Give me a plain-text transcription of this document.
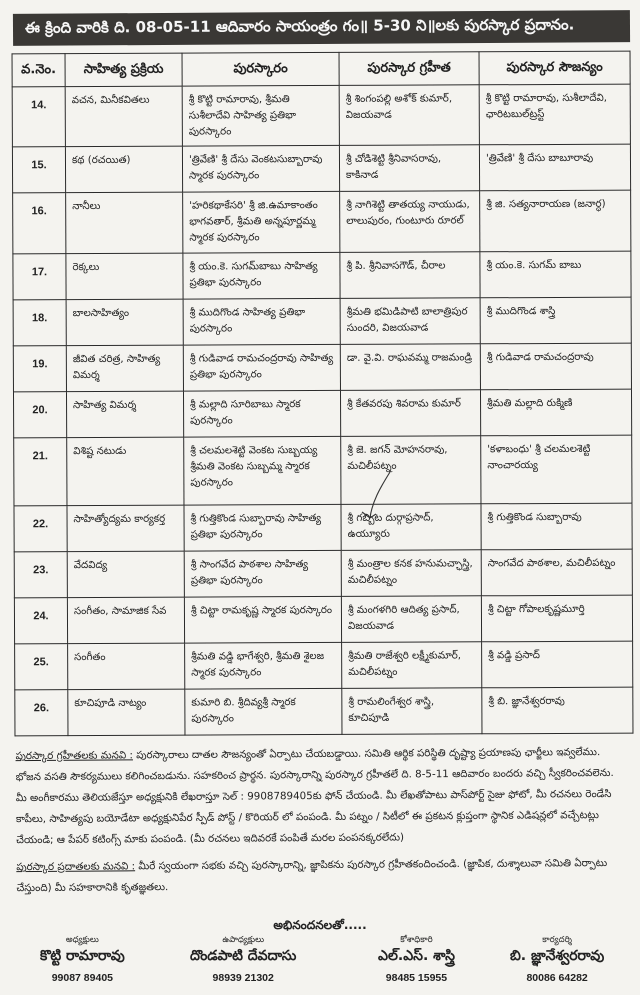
ఈ క్రింది వారికి ది. 08-05-11 ఆదివారం సాయంత్రం గం॥ 5-30 ని॥లకు పురస్కార ప్రదానం.
వ.నెం.	సాహిత్య ప్రక్రియ	పురస్కారం	పురస్కార గ్రహీత	పురస్కార సౌజన్యం
14.	వచన, మినీకవితలు	శ్రీ కొట్టి రామారావు, శ్రీమతి సుశీలాదేవి సాహిత్య ప్రతిభా పురస్కారం	శ్రీ శింగంపల్లి అశోక్ కుమార్, విజయవాడ	శ్రీ కొట్టి రామారావు, సుశీలాదేవి, ఛారిటబుల్‌ట్రస్ట్
15.	కథ (రచయిత)	'త్రివేణి' శ్రీ దేసు వెంకటసుబ్బారావు స్మారక పురస్కారం	శ్రీ చోడిశెట్టి శ్రీనివాసరావు, కాకినాడ	'త్రివేణి' శ్రీ దేసు బాబూరావు
16.	నానీలు	'హరికథాకేసరి' శ్రీ జి.ఉమాకాంతం భాగవతార్, శ్రీమతి అన్నపూర్ణమ్మ స్మారక పురస్కారం	శ్రీ నాగిశెట్టి తాతయ్య నాయుడు, లాలుపురం, గుంటూరు రూరల్	శ్రీ జి. సత్యనారాయణ (జనార్ధ)
17.	రెక్కలు	శ్రీ యం.కె. సుగమ్‌బాబు సాహిత్య ప్రతిభా పురస్కారం	శ్రీ పి. శ్రీనివాసగౌడ్, చీరాల	శ్రీ యం.కె. సుగమ్ బాబు
18.	బాలసాహిత్యం	శ్రీ ముదిగొండ సాహిత్య ప్రతిభా పురస్కారం	శ్రీమతి భమిడిపాటి బాలాత్రిపుర సుందరి, విజయవాడ	శ్రీ ముదిగొండ శాస్త్రి
19.	జీవిత చరిత్ర, సాహిత్య విమర్శ	శ్రీ గుడివాడ రామచంద్రరావు సాహిత్య ప్రతిభా పురస్కారం	డా. వై.వి. రాఘవమ్మ రాజమండ్రి	శ్రీ గుడివాడ రామచంద్రరావు
20.	సాహిత్య విమర్శ	శ్రీ మల్లాది సూరిబాబు స్మారక పురస్కారం	శ్రీ కేతవరపు శివరామ కుమార్	శ్రీమతి మల్లాది రుక్మిణి
21.	విశిష్ట నటుడు	శ్రీ చలమలశెట్టి వెంకట సుబ్బయ్య శ్రీమతి వెంకట సుబ్బమ్మ స్మారక పురస్కారం	శ్రీ జె. జగన్ మోహనరావు, మచిలీపట్నం	'కళాబంధు' శ్రీ చలమలశెట్టి నాంచారయ్య
22.	సాహిత్యోద్యమ కార్యకర్త	శ్రీ గుత్తికొండ సుబ్బారావు సాహిత్య ప్రతిభా పురస్కారం	శ్రీ గబ్బిట దుర్గాప్రసాద్, ఉయ్యూరు	శ్రీ గుత్తికొండ సుబ్బారావు
23.	వేదవిద్య	శ్రీ సాంగవేద పాఠశాల సాహిత్య ప్రతిభా పురస్కారం	శ్రీ మంత్రాల కనక హనుమచ్ఛాస్త్రి, మచిలీపట్నం	సాంగవేద పాఠశాల, మచిలీపట్నం
24.	సంగీతం, సామాజిక సేవ	శ్రీ చిట్టా రామకృష్ణ స్మారక పురస్కారం	శ్రీ మంగళగిరి ఆదిత్య ప్రసాద్, విజయవాడ	శ్రీ చిట్టా గోపాలకృష్ణమూర్తి
25.	సంగీతం	శ్రీమతి వడ్డి భాగేశ్వరి, శ్రీమతి శైలజ స్మారక పురస్కారం	శ్రీమతి రాజేశ్వరి లక్ష్మీకుమార్, మచిలీపట్నం	శ్రీ వడ్డి ప్రసాద్
26.	కూచిపూడి నాట్యం	కుమారి బి. శ్రీదివ్యశ్రీ స్మారక పురస్కారం	శ్రీ రామలింగేశ్వర శాస్త్రి, కూచిపూడి	శ్రీ బి. జ్ఞానేశ్వరరావు

పురస్కార గ్రహీతలకు మనవి : పురస్కారాలు దాతల సౌజన్యంతో ఏర్పాటు చేయబడ్డాయి. సమితి ఆర్థిక పరిస్థితి దృష్ట్యా ప్రయాణపు ఛార్జీలు ఇవ్వలేము. భోజన వసతి సౌకర్యములు కలిగించబడును. సహకరించ ప్రార్థన. పురస్కారాన్ని పురస్కార గ్రహీతలే ది. 8-5-11 ఆదివారం బందరు వచ్చి స్వీకరించవలెను. మీ అంగీకారము తెలియజేస్తూ అధ్యక్షునికి లేఖరాస్తూ సెల్ : 9908789405కు ఫోన్ చేయండి. మీ లేఖతోపాటు పాస్‌పోర్ట్ సైజు ఫోటో, మీ రచనలు రెండేసి కాపీలు, సాహిత్యపు బయోడేటా అధ్యక్షునిపేర స్పీడ్ పోస్ట్ / కొరియర్ లో పంపండి. మీ పట్నం / సిటీలో ఈ ప్రకటన క్లుప్తంగా స్థానిక ఎడిషన్లలో వచ్చేటట్లు చేయండి; ఆ పేపర్ కటింగ్స్ మాకు పంపండి. (మీ రచనలు ఇదివరకే పంపితే మరల పంపనక్కరలేదు)

పురస్కార ప్రదాతలకు మనవి : మీరే స్వయంగా సభకు వచ్చి పురస్కారాన్ని, జ్ఞాపికను పురస్కార గ్రహీతకందించండి. (జ్ఞాపిక, దుశ్శాలువా సమితి ఏర్పాటు చేస్తుంది) మీ సహకారానికి కృతజ్ఞతలు.

అభినందనలతో.....
అధ్యక్షులు
కొట్టి రామారావు
99087 89405
ఉపాధ్యక్షులు
దొండపాటి దేవదాసు
98939 21302
కోశాధికారి
ఎల్.ఎస్. శాస్త్రి
98485 15955
కార్యదర్శి
బి. జ్ఞానేశ్వరరావు
80086 64282
